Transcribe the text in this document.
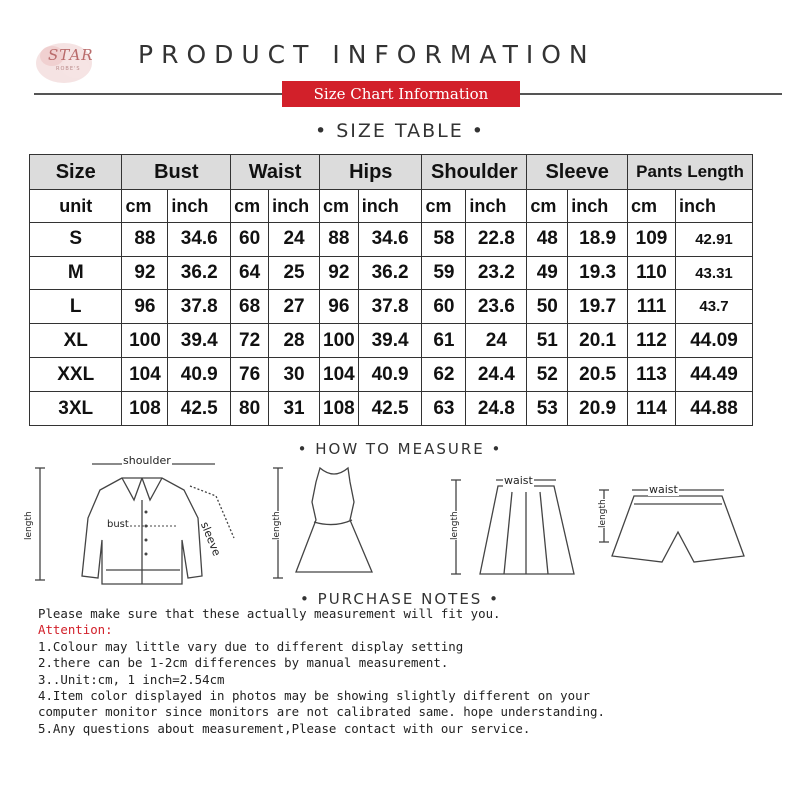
STAR
ROBE'S PRODUCT INFORMATION
Size Chart Information
• SIZE TABLE •
Size	Bust		Waist		Hips		Shoulder		Sleeve		Pants Length	
unit	cm	inch	cm	inch	cm	inch	cm	inch	cm	inch	cm	inch
S	88	34.6	60	24	88	34.6	58	22.8	48	18.9	109	42.91
M	92	36.2	64	25	92	36.2	59	23.2	49	19.3	110	43.31
L	96	37.8	68	27	96	37.8	60	23.6	50	19.7	111	43.7
XL	100	39.4	72	28	100	39.4	61	24	51	20.1	112	44.09
XXL	104	40.9	76	30	104	40.9	62	24.4	52	20.5	113	44.49
3XL	108	42.5	80	31	108	42.5	63	24.8	53	20.9	114	44.88
• HOW TO MEASURE •
shoulder
bust	sleeve
length	length
waist
length
waist
length
• PURCHASE NOTES •
Please make sure that these actually measurement will fit you.
Attention:
1.Colour may little vary due to different display setting
2.there can be 1-2cm differences by manual measurement.
3..Unit:cm, 1 inch=2.54cm
4.Item color displayed in photos may be showing slightly different on your
computer monitor since monitors are not calibrated same. hope understanding.
5.Any questions about measurement,Please contact with our service.
